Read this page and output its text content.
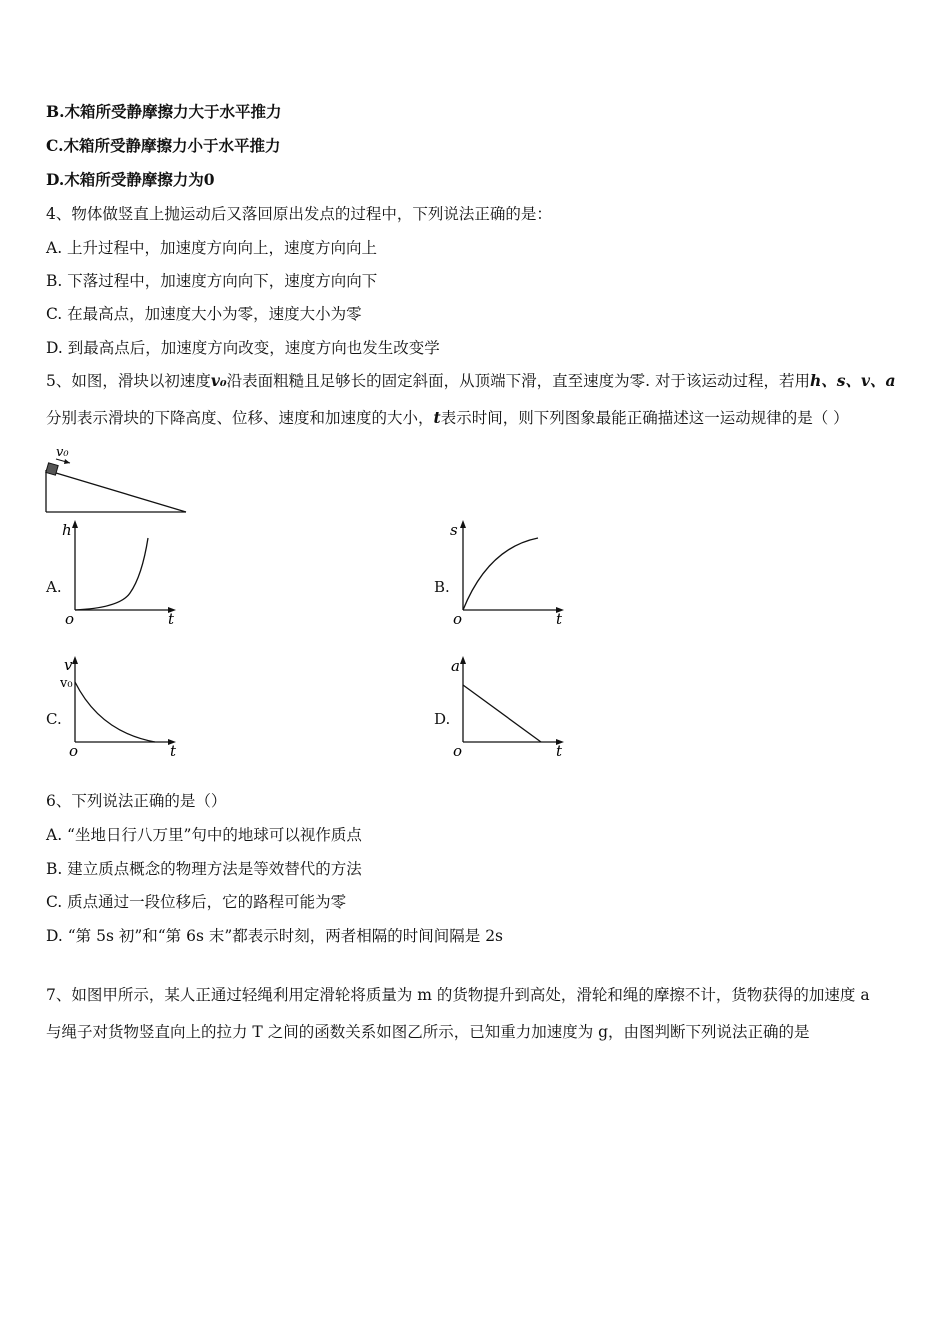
B.木箱所受静摩擦力大于水平推力
C.木箱所受静摩擦力小于水平推力
D.木箱所受静摩擦力为0
4、物体做竖直上抛运动后又落回原出发点的过程中，下列说法正确的是：
A. 上升过程中，加速度方向向上，速度方向向上
B. 下落过程中，加速度方向向下，速度方向向下
C. 在最高点，加速度大小为零，速度大小为零
D. 到最高点后，加速度方向改变，速度方向也发生改变学
5、如图，滑块以初速度v₀沿表面粗糙且足够长的固定斜面，从顶端下滑，直至速度为零. 对于该运动过程，若用h、s、v、a
分别表示滑块的下降高度、位移、速度和加速度的大小，t表示时间，则下列图象最能正确描述这一运动规律的是（ ）
v₀
A.
h
t
o
B.
s
t
o
C.
v
v₀
t
o
D.
a
t
o
6、下列说法正确的是（）
A. “坐地日行八万里”句中的地球可以视作质点
B. 建立质点概念的物理方法是等效替代的方法
C. 质点通过一段位移后，它的路程可能为零
D. “第 5s 初”和“第 6s 末”都表示时刻，两者相隔的时间间隔是 2s
7、如图甲所示，某人正通过轻绳利用定滑轮将质量为 m 的货物提升到高处，滑轮和绳的摩擦不计，货物获得的加速度 a
与绳子对货物竖直向上的拉力 T 之间的函数关系如图乙所示，已知重力加速度为 g，由图判断下列说法正确的是
